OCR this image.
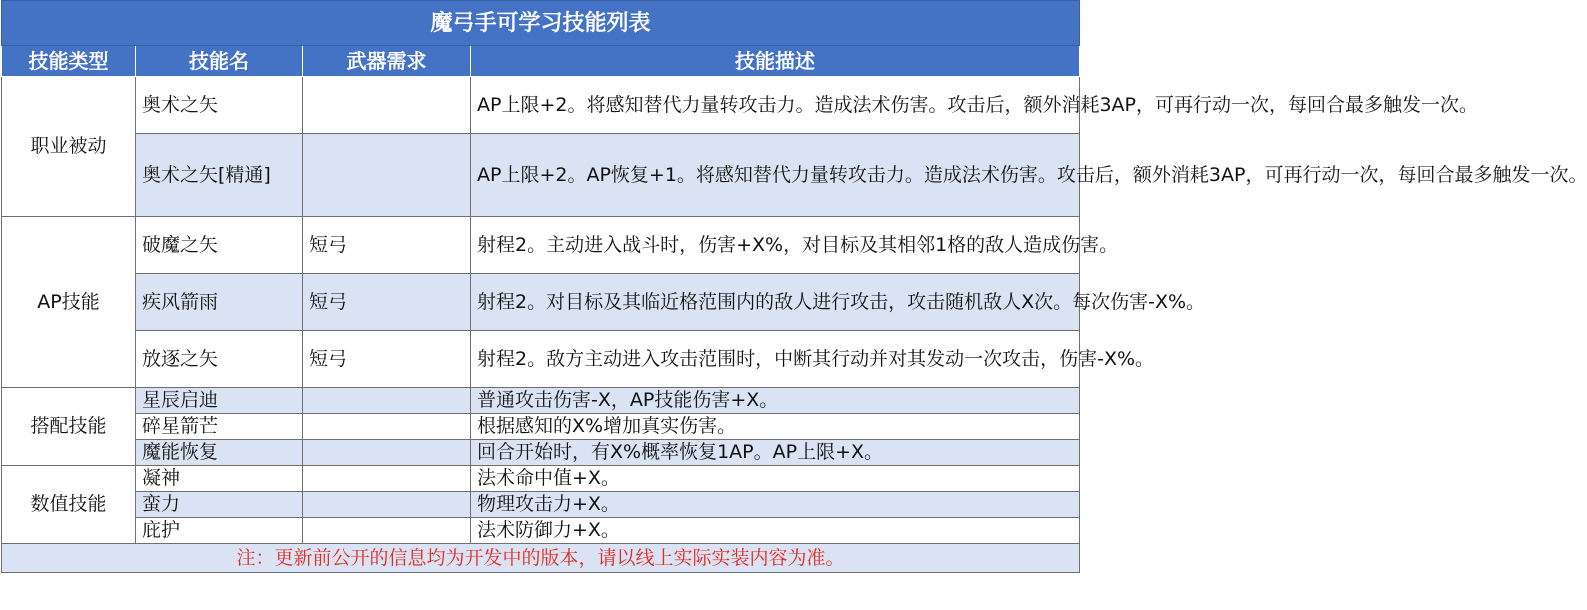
魔弓手可学习技能列表			
技能类型	技能名	武器需求	技能描述
职业被动	奥术之矢		AP上限+2。将感知替代力量转攻击力。造成法术伤害。攻击后，额外消耗3AP，可再行动一次，每回合最多触发一次。
	奥术之矢[精通]		AP上限+2。AP恢复+1。将感知替代力量转攻击力。造成法术伤害。攻击后，额外消耗3AP，可再行动一次，每回合最多触发一次。
AP技能	破魔之矢	短弓	射程2。主动进入战斗时，伤害+X%，对目标及其相邻1格的敌人造成伤害。
	疾风箭雨	短弓	射程2。对目标及其临近格范围内的敌人进行攻击，攻击随机敌人X次。每次伤害-X%。
	放逐之矢	短弓	射程2。敌方主动进入攻击范围时，中断其行动并对其发动一次攻击，伤害-X%。
搭配技能	星辰启迪		普通攻击伤害-X，AP技能伤害+X。
	碎星箭芒		根据感知的X%增加真实伤害。
	魔能恢复		回合开始时，有X%概率恢复1AP。AP上限+X。
数值技能	凝神		法术命中值+X。
	蛮力		物理攻击力+X。
	庇护		法术防御力+X。
注：更新前公开的信息均为开发中的版本，请以线上实际实装内容为准。			
